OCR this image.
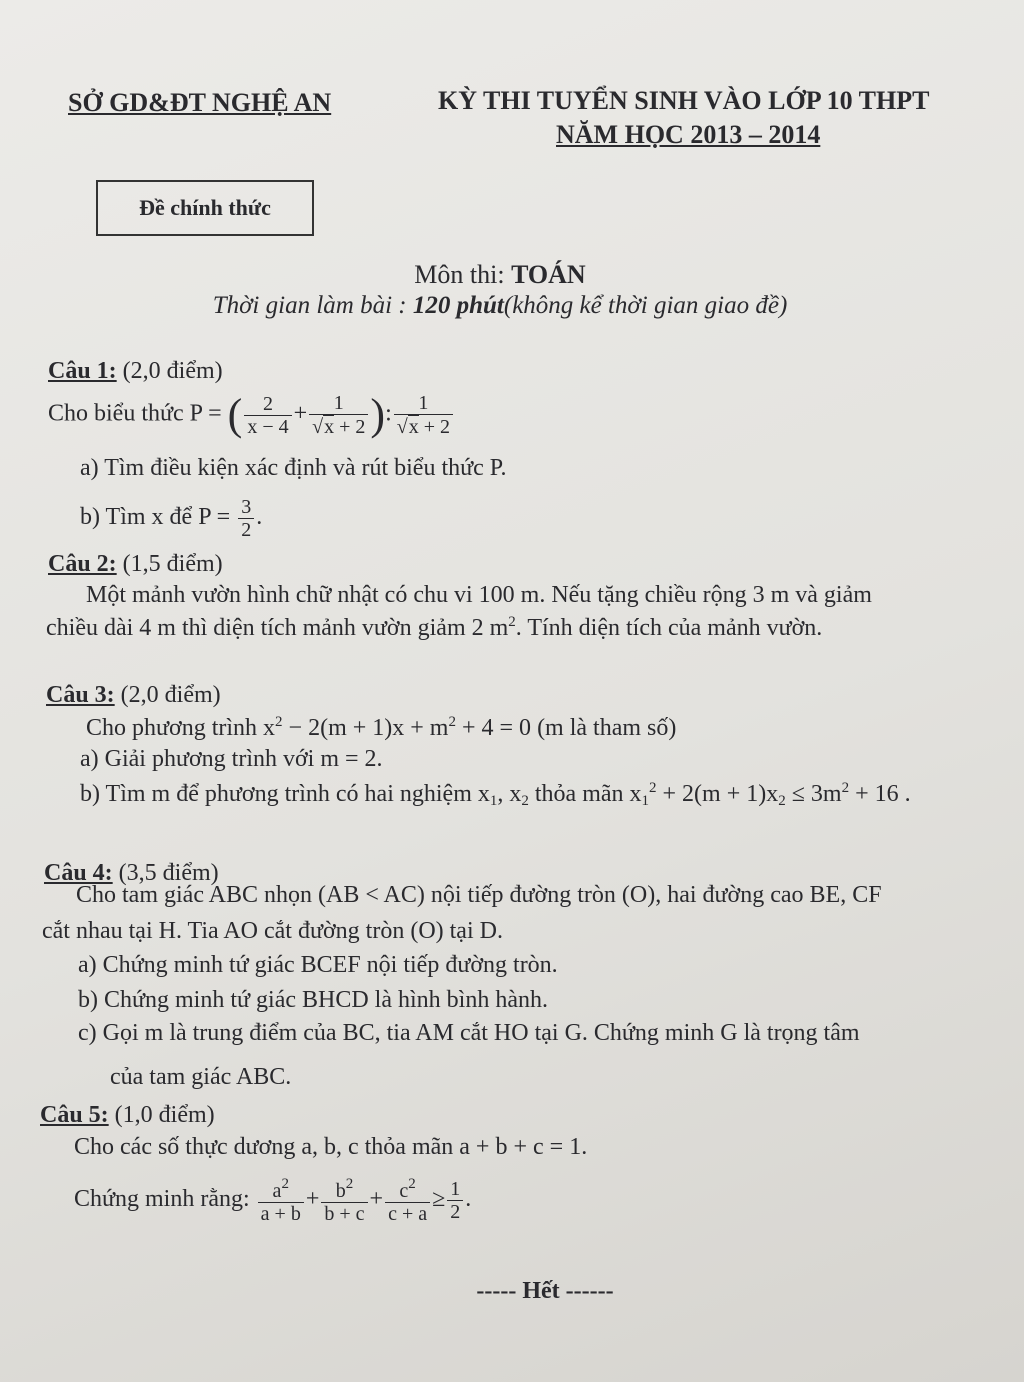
SỞ GD&ĐT NGHỆ AN	KỲ THI TUYỂN SINH VÀO LỚP 10 THPT
NĂM HỌC 2013 – 2014
Đề chính thức
Môn thi: TOÁN
Thời gian làm bài : 120 phút(không kể thời gian giao đề)
Câu 1: (2,0 điểm)
Cho biểu thức P = ( $\frac{2}{x - 4} + \frac{1}{√x + 2}$ ): $\frac{1}{√x + 2}$
a) Tìm điều kiện xác định và rút biểu thức P.
b) Tìm x để $P = \frac{3}{2}$ .
Câu 2: (1,5 điểm)
Một mảnh vườn hình chữ nhật có chu vi 100 m. Nếu tặng chiều rộng 3 m và giảm
chiều dài 4 m thì diện tích mảnh vườn giảm 2 $m^2$. Tính diện tích của mảnh vườn.
Câu 3: (2,0 điểm)
Cho phương trình $x^2 - 2(m + 1)x + m^2 + 4 = 0$ (m là tham số)
a) Giải phương trình với m = 2.
b) Tìm m để phương trình có hai nghiệm $x_1$, $x_2$ thỏa mãn $x_1^2 + 2(m + 1)x_2 \le 3m^2 + 16$ .
Câu 4: (3,5 điểm)
Cho tam giác ABC nhọn (AB < AC) nội tiếp đường tròn (O), hai đường cao BE, CF
cắt nhau tại H. Tia AO cắt đường tròn (O) tại D.
a) Chứng minh tứ giác BCEF nội tiếp đường tròn.
b) Chứng minh tứ giác BHCD là hình bình hành.
c) Gọi m là trung điểm của BC, tia AM cắt HO tại G. Chứng minh G là trọng tâm
của tam giác ABC.
Câu 5: (1,0 điểm)
Cho các số thực dương a, b, c thỏa mãn a + b + c = 1.
Chứng minh rằng: $\frac{a^2}{a + b} + \frac{b^2}{b + c} + \frac{c^2}{c + a} \ge \frac{1}{2}$ .
----- Hết ------
